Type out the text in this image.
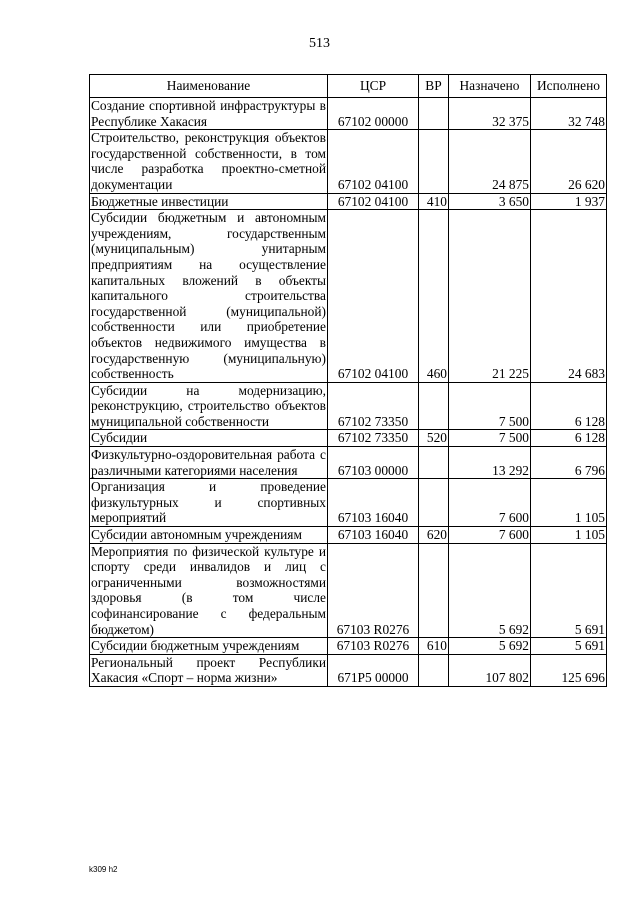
513
Наименование	ЦСР	ВР	Назначено	Исполнено
Создание спортивной инфраструктуры в Республике Хакасия	67102 00000		32 375	32 748
Строительство, реконструкция объектов государственной собственности, в том числе разработка проектно-сметной документации	67102 04100		24 875	26 620
Бюджетные инвестиции	67102 04100	410	3 650	1 937
Субсидии бюджетным и автономным учреждениям, государственным (муниципальным) унитарным предприятиям на осуществление капитальных вложений в объекты капитального строительства государственной (муниципальной) собственности или приобретение объектов недвижимого имущества в государственную (муниципальную) собственность	67102 04100	460	21 225	24 683
Субсидии на модернизацию, реконструкцию, строительство объектов муниципальной собственности	67102 73350		7 500	6 128
Субсидии	67102 73350	520	7 500	6 128
Физкультурно-оздоровительная работа с различными категориями населения	67103 00000		13 292	6 796
Организация и проведение физкультурных и спортивных мероприятий	67103 16040		7 600	1 105
Субсидии автономным учреждениям	67103 16040	620	7 600	1 105
Мероприятия по физической культуре и спорту среди инвалидов и лиц с ограниченными возможностями здоровья (в том числе софинансирование с федеральным бюджетом)	67103 R0276		5 692	5 691
Субсидии бюджетным учреждениям	67103 R0276	610	5 692	5 691
Региональный проект Республики Хакасия «Спорт – норма жизни»	671P5 00000		107 802	125 696
k309 h2
